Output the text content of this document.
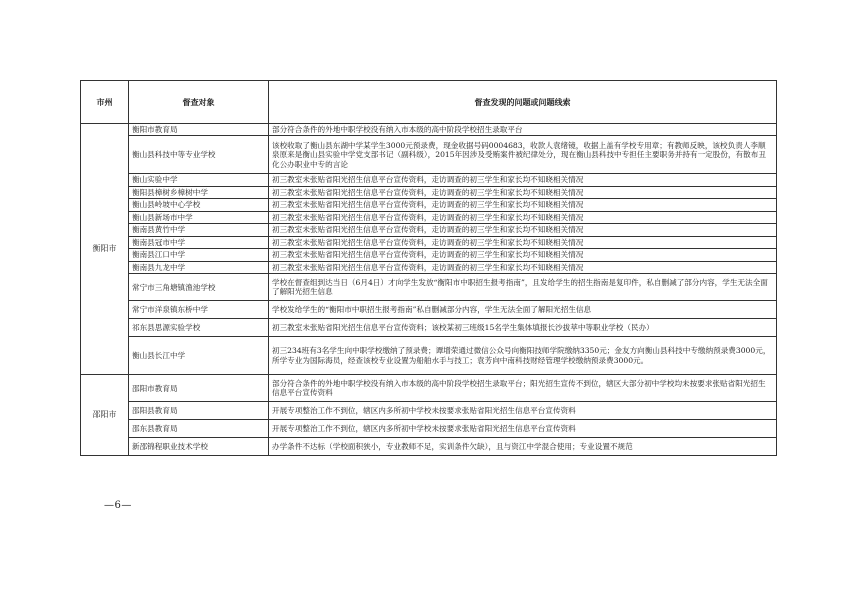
市州	督查对象	督查发现的问题或问题线索
衡阳市	衡阳市教育局	部分符合条件的外地中职学校没有纳入市本级的高中阶段学校招生录取平台
	衡山县科技中等专业学校	该校收取了衡山县东湖中学某学生3000元预录费，现金收据号码0004683，收款人袁绪镜，收据上盖有学校专用章；有教师反映，该校负责人李顺泉原来是衡山县实验中学党支部书记（副科级），2015年因涉及受贿案件被纪律处分，现在衡山县科技中专担任主要职务并持有一定股份，有散布丑化公办职业中专的言论
	衡山实验中学	初三教室未张贴省阳光招生信息平台宣传资料，走访调查的初三学生和家长均不知晓相关情况
	衡阳县樟树乡樟树中学	初三教室未张贴省阳光招生信息平台宣传资料，走访调查的初三学生和家长均不知晓相关情况
	衡山县岭坡中心学校	初三教室未张贴省阳光招生信息平台宣传资料，走访调查的初三学生和家长均不知晓相关情况
	衡山县新场市中学	初三教室未张贴省阳光招生信息平台宣传资料，走访调查的初三学生和家长均不知晓相关情况
	衡南县黄竹中学	初三教室未张贴省阳光招生信息平台宣传资料，走访调查的初三学生和家长均不知晓相关情况
	衡南县冠市中学	初三教室未张贴省阳光招生信息平台宣传资料，走访调查的初三学生和家长均不知晓相关情况
	衡南县江口中学	初三教室未张贴省阳光招生信息平台宣传资料，走访调查的初三学生和家长均不知晓相关情况
	衡南县九龙中学	初三教室未张贴省阳光招生信息平台宣传资料，走访调查的初三学生和家长均不知晓相关情况
	常宁市三角塘镇渔池学校	学校在督查组到达当日（6月4日）才向学生发放“衡阳市中职招生报考指南”，且发给学生的招生指南是复印件，私自删减了部分内容，学生无法全面了解阳光招生信息
	常宁市洋泉镇东桥中学	学校发给学生的“衡阳市中职招生报考指南”私自删减部分内容，学生无法全面了解阳光招生信息
	祁东县思源实验学校	初三教室未张贴省阳光招生信息平台宣传资料；该校某初三班级15名学生集体填报长沙拔萃中等职业学校（民办）
	衡山县长江中学	初三234班有3名学生向中职学校缴纳了预录费；谭增荣通过微信公众号向衡阳技师学院缴纳3350元；金友方向衡山县科技中专缴纳预录费3000元，所学专业为国际海员，经查该校专业设置为船舶水手与技工；袁芳向中南科技财经管理学校缴纳预录费3000元。
邵阳市	邵阳市教育局	部分符合条件的外地中职学校没有纳入市本级的高中阶段学校招生录取平台；阳光招生宣传不到位，辖区大部分初中学校均未按要求张贴省阳光招生信息平台宣传资料
	邵阳县教育局	开展专项整治工作不到位，辖区内多所初中学校未按要求张贴省阳光招生信息平台宣传资料
	邵东县教育局	开展专项整治工作不到位，辖区内多所初中学校未按要求张贴省阳光招生信息平台宣传资料
	新邵锦程职业技术学校	办学条件不达标（学校面积狭小，专业教师不足，实训条件欠缺），且与资江中学混合使用；专业设置不规范
—6—
